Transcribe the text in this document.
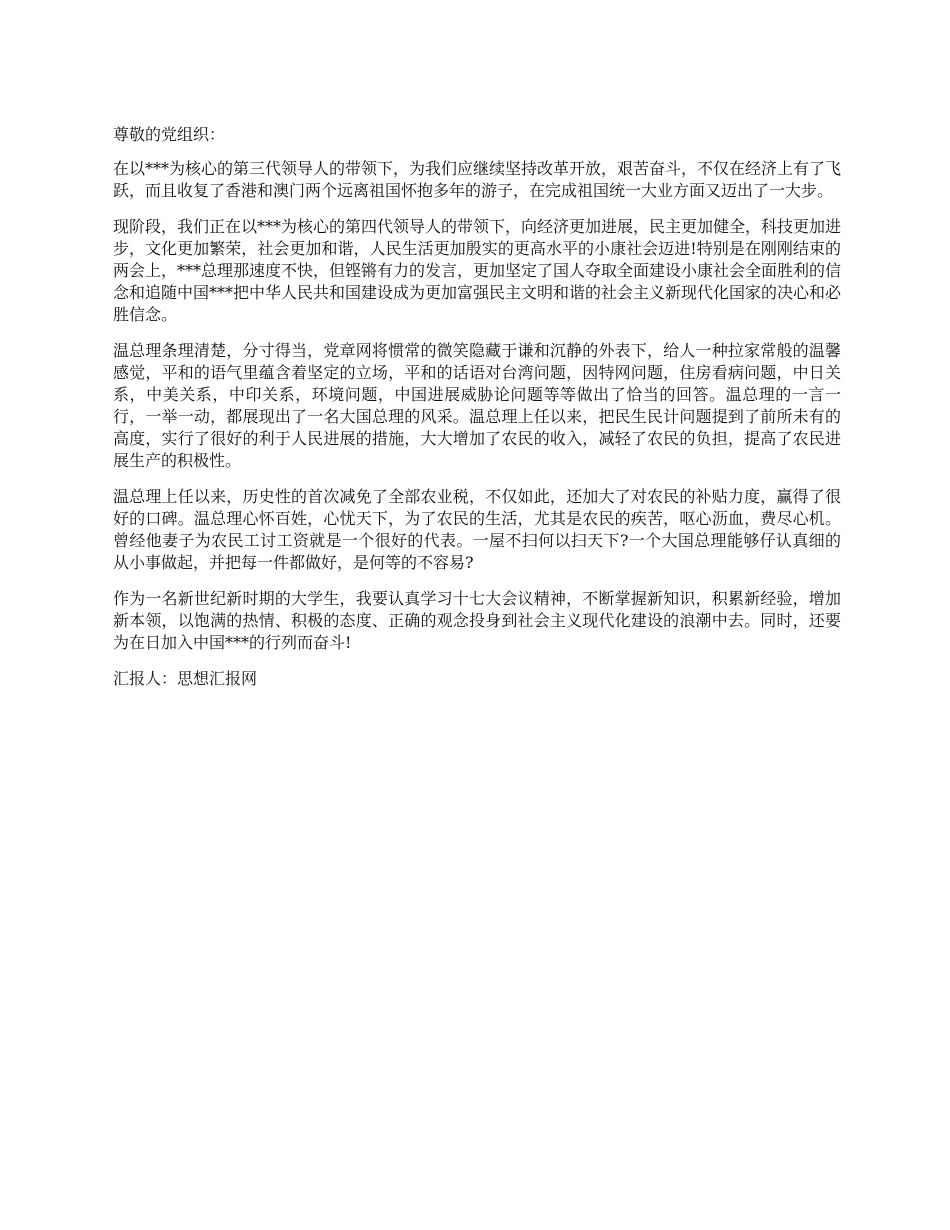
尊敬的党组织：

在以***为核心的第三代领导人的带领下，为我们应继续坚持改革开放，艰苦奋斗，不仅在经济上有了飞跃，而且收复了香港和澳门两个远离祖国怀抱多年的游子，在完成祖国统一大业方面又迈出了一大步。

现阶段，我们正在以***为核心的第四代领导人的带领下，向经济更加进展，民主更加健全，科技更加进步，文化更加繁荣，社会更加和谐，人民生活更加殷实的更高水平的小康社会迈进!特别是在刚刚结束的两会上，***总理那速度不快，但铿锵有力的发言，更加坚定了国人夺取全面建设小康社会全面胜利的信念和追随中国***把中华人民共和国建设成为更加富强民主文明和谐的社会主义新现代化国家的决心和必胜信念。

温总理条理清楚，分寸得当，党章网将惯常的微笑隐藏于谦和沉静的外表下，给人一种拉家常般的温馨感觉，平和的语气里蕴含着坚定的立场，平和的话语对台湾问题，因特网问题，住房看病问题，中日关系，中美关系，中印关系，环境问题，中国进展威胁论问题等等做出了恰当的回答。温总理的一言一行，一举一动，都展现出了一名大国总理的风采。温总理上任以来，把民生民计问题提到了前所未有的高度，实行了很好的利于人民进展的措施，大大增加了农民的收入，减轻了农民的负担，提高了农民进展生产的积极性。

温总理上任以来，历史性的首次减免了全部农业税，不仅如此，还加大了对农民的补贴力度，赢得了很好的口碑。温总理心怀百姓，心忧天下，为了农民的生活，尤其是农民的疾苦，呕心沥血，费尽心机。曾经他妻子为农民工讨工资就是一个很好的代表。一屋不扫何以扫天下?一个大国总理能够仔认真细的从小事做起，并把每一件都做好，是何等的不容易?

作为一名新世纪新时期的大学生，我要认真学习十七大会议精神，不断掌握新知识，积累新经验，增加新本领，以饱满的热情、积极的态度、正确的观念投身到社会主义现代化建设的浪潮中去。同时，还要为在日加入中国***的行列而奋斗!

汇报人：思想汇报网
